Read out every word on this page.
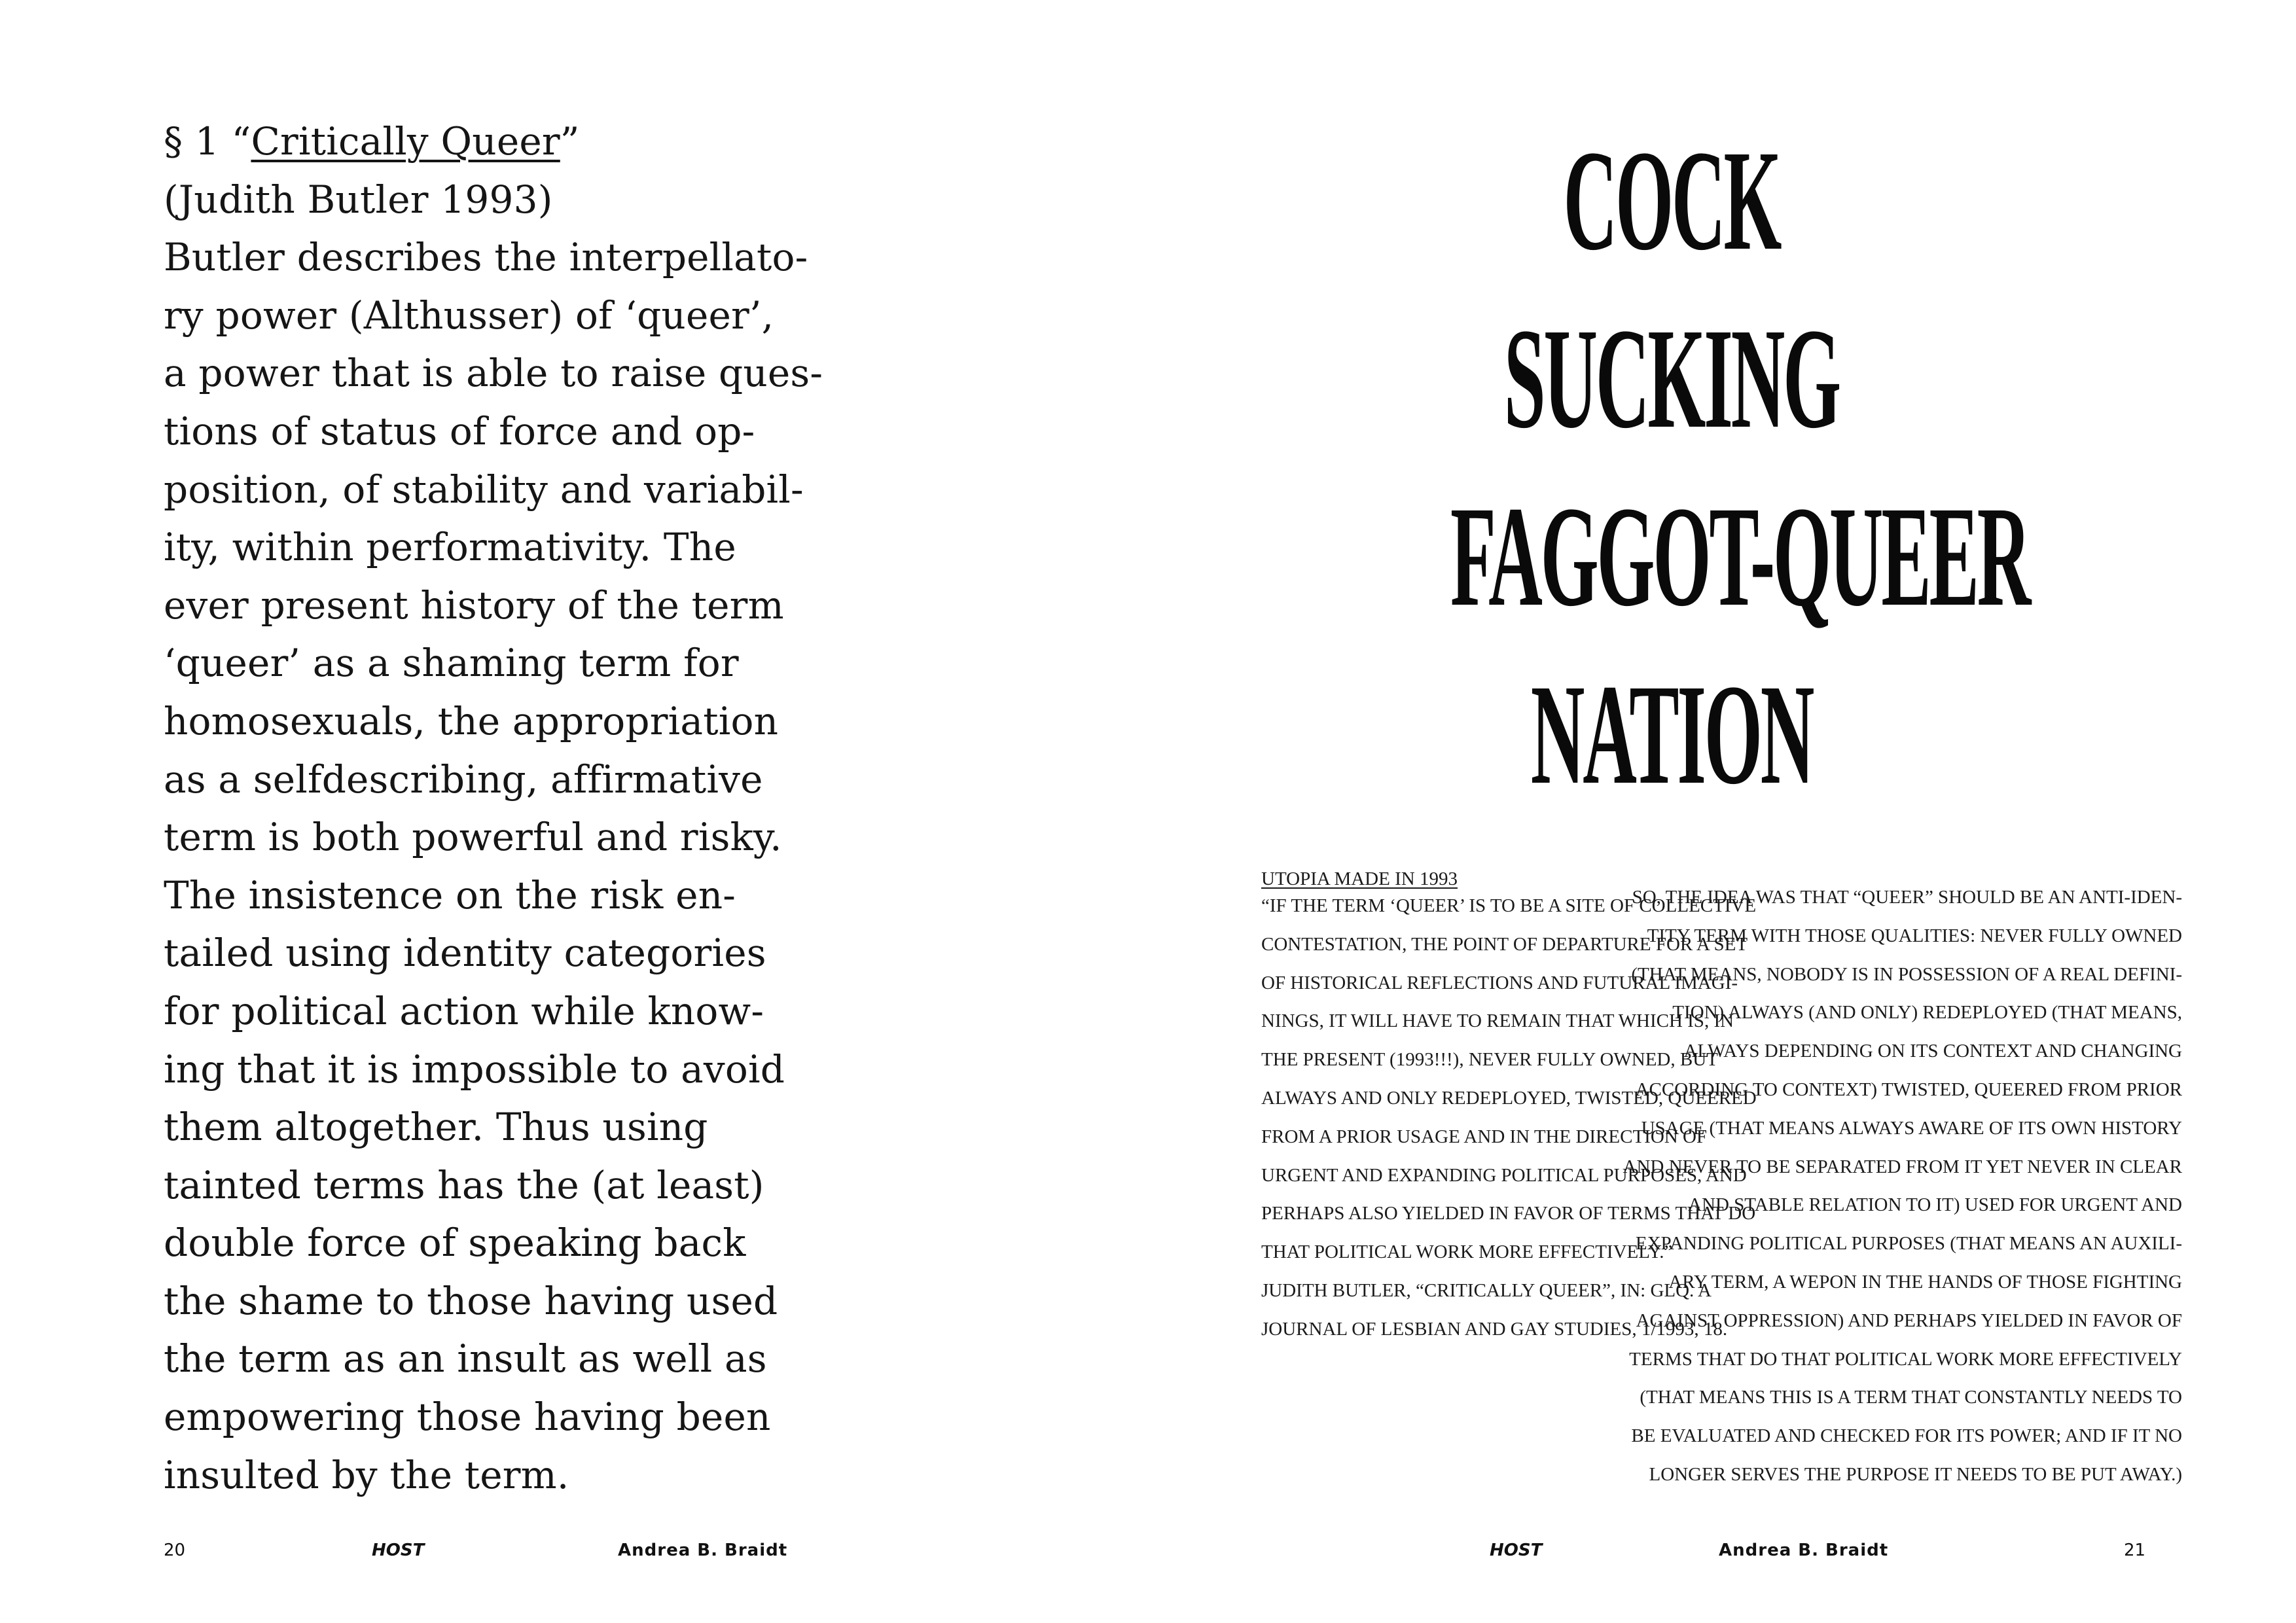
§ 1 “Critically Queer”
(Judith Butler 1993)
Butler describes the interpellato-
ry power (Althusser) of ‘queer’,
a power that is able to raise ques-
tions of status of force and op-
position, of stability and variabil-
ity, within performativity. The
ever present history of the term
‘queer’ as a shaming term for
homosexuals, the appropriation
as a selfdescribing, affirmative
term is both powerful and risky.
The insistence on the risk en-
tailed using identity categories
for political action while know-
ing that it is impossible to avoid
them altogether. Thus using
tainted terms has the (at least)
double force of speaking back
the shame to those having used
the term as an insult as well as
empowering those having been
insulted by the term.
20	HOST	Andrea B. Braidt
COCK
SUCKING
FAGGOT-QUEER
NATION
UTOPIA MADE IN 1993
“IF THE TERM ‘QUEER’ IS TO BE A SITE OF COLLECTIVE
CONTESTATION, THE POINT OF DEPARTURE FOR A SET
OF HISTORICAL REFLECTIONS AND FUTURAL IMAGI-
NINGS, IT WILL HAVE TO REMAIN THAT WHICH IS, IN
THE PRESENT (1993!!!), NEVER FULLY OWNED, BUT
ALWAYS AND ONLY REDEPLOYED, TWISTED, QUEERED
FROM A PRIOR USAGE AND IN THE DIRECTION OF
URGENT AND EXPANDING POLITICAL PURPOSES, AND
PERHAPS ALSO YIELDED IN FAVOR OF TERMS THAT DO
THAT POLITICAL WORK MORE EFFECTIVELY.”
JUDITH BUTLER, “CRITICALLY QUEER”, IN: GLQ. A
JOURNAL OF LESBIAN AND GAY STUDIES, 1/1993, 18.
SO, THE IDEA WAS THAT “QUEER” SHOULD BE AN ANTI-IDEN-
TITY TERM WITH THOSE QUALITIES: NEVER FULLY OWNED
(THAT MEANS, NOBODY IS IN POSSESSION OF A REAL DEFINI-
TION) ALWAYS (AND ONLY) REDEPLOYED (THAT MEANS,
ALWAYS DEPENDING ON ITS CONTEXT AND CHANGING
ACCORDING TO CONTEXT) TWISTED, QUEERED FROM PRIOR
USAGE (THAT MEANS ALWAYS AWARE OF ITS OWN HISTORY
AND NEVER TO BE SEPARATED FROM IT YET NEVER IN CLEAR
AND STABLE RELATION TO IT) USED FOR URGENT AND
EXPANDING POLITICAL PURPOSES (THAT MEANS AN AUXILI-
ARY TERM, A WEPON IN THE HANDS OF THOSE FIGHTING
AGAINST OPPRESSION) AND PERHAPS YIELDED IN FAVOR OF
TERMS THAT DO THAT POLITICAL WORK MORE EFFECTIVELY
(THAT MEANS THIS IS A TERM THAT CONSTANTLY NEEDS TO
BE EVALUATED AND CHECKED FOR ITS POWER; AND IF IT NO
LONGER SERVES THE PURPOSE IT NEEDS TO BE PUT AWAY.)
HOST	Andrea B. Braidt	21
